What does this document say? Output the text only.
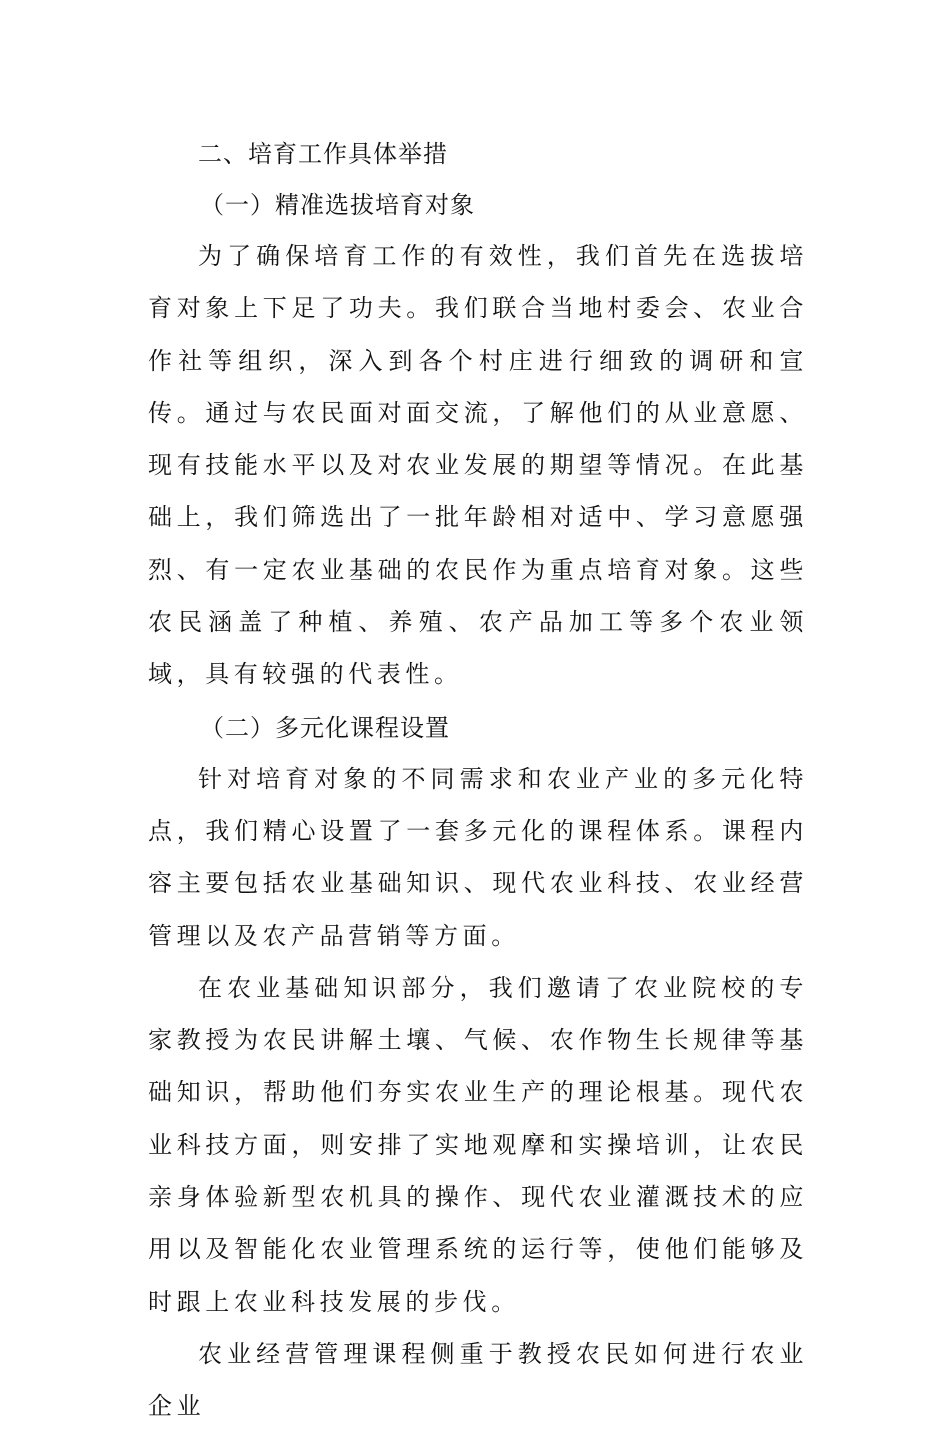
二、培育工作具体举措
（一）精准选拔培育对象

为了确保培育工作的有效性，我们首先在选拔培育对象上下足了功夫。我们联合当地村委会、农业合作社等组织，深入到各个村庄进行细致的调研和宣传。通过与农民面对面交流，了解他们的从业意愿、现有技能水平以及对农业发展的期望等情况。在此基础上，我们筛选出了一批年龄相对适中、学习意愿强烈、有一定农业基础的农民作为重点培育对象。这些农民涵盖了种植、养殖、农产品加工等多个农业领域，具有较强的代表性。

（二）多元化课程设置

针对培育对象的不同需求和农业产业的多元化特点，我们精心设置了一套多元化的课程体系。课程内容主要包括农业基础知识、现代农业科技、农业经营管理以及农产品营销等方面。

在农业基础知识部分，我们邀请了农业院校的专家教授为农民讲解土壤、气候、农作物生长规律等基础知识，帮助他们夯实农业生产的理论根基。现代农业科技方面，则安排了实地观摩和实操培训，让农民亲身体验新型农机具的操作、现代农业灌溉技术的应用以及智能化农业管理系统的运行等，使他们能够及时跟上农业科技发展的步伐。

农业经营管理课程侧重于教授农民如何进行农业企业
